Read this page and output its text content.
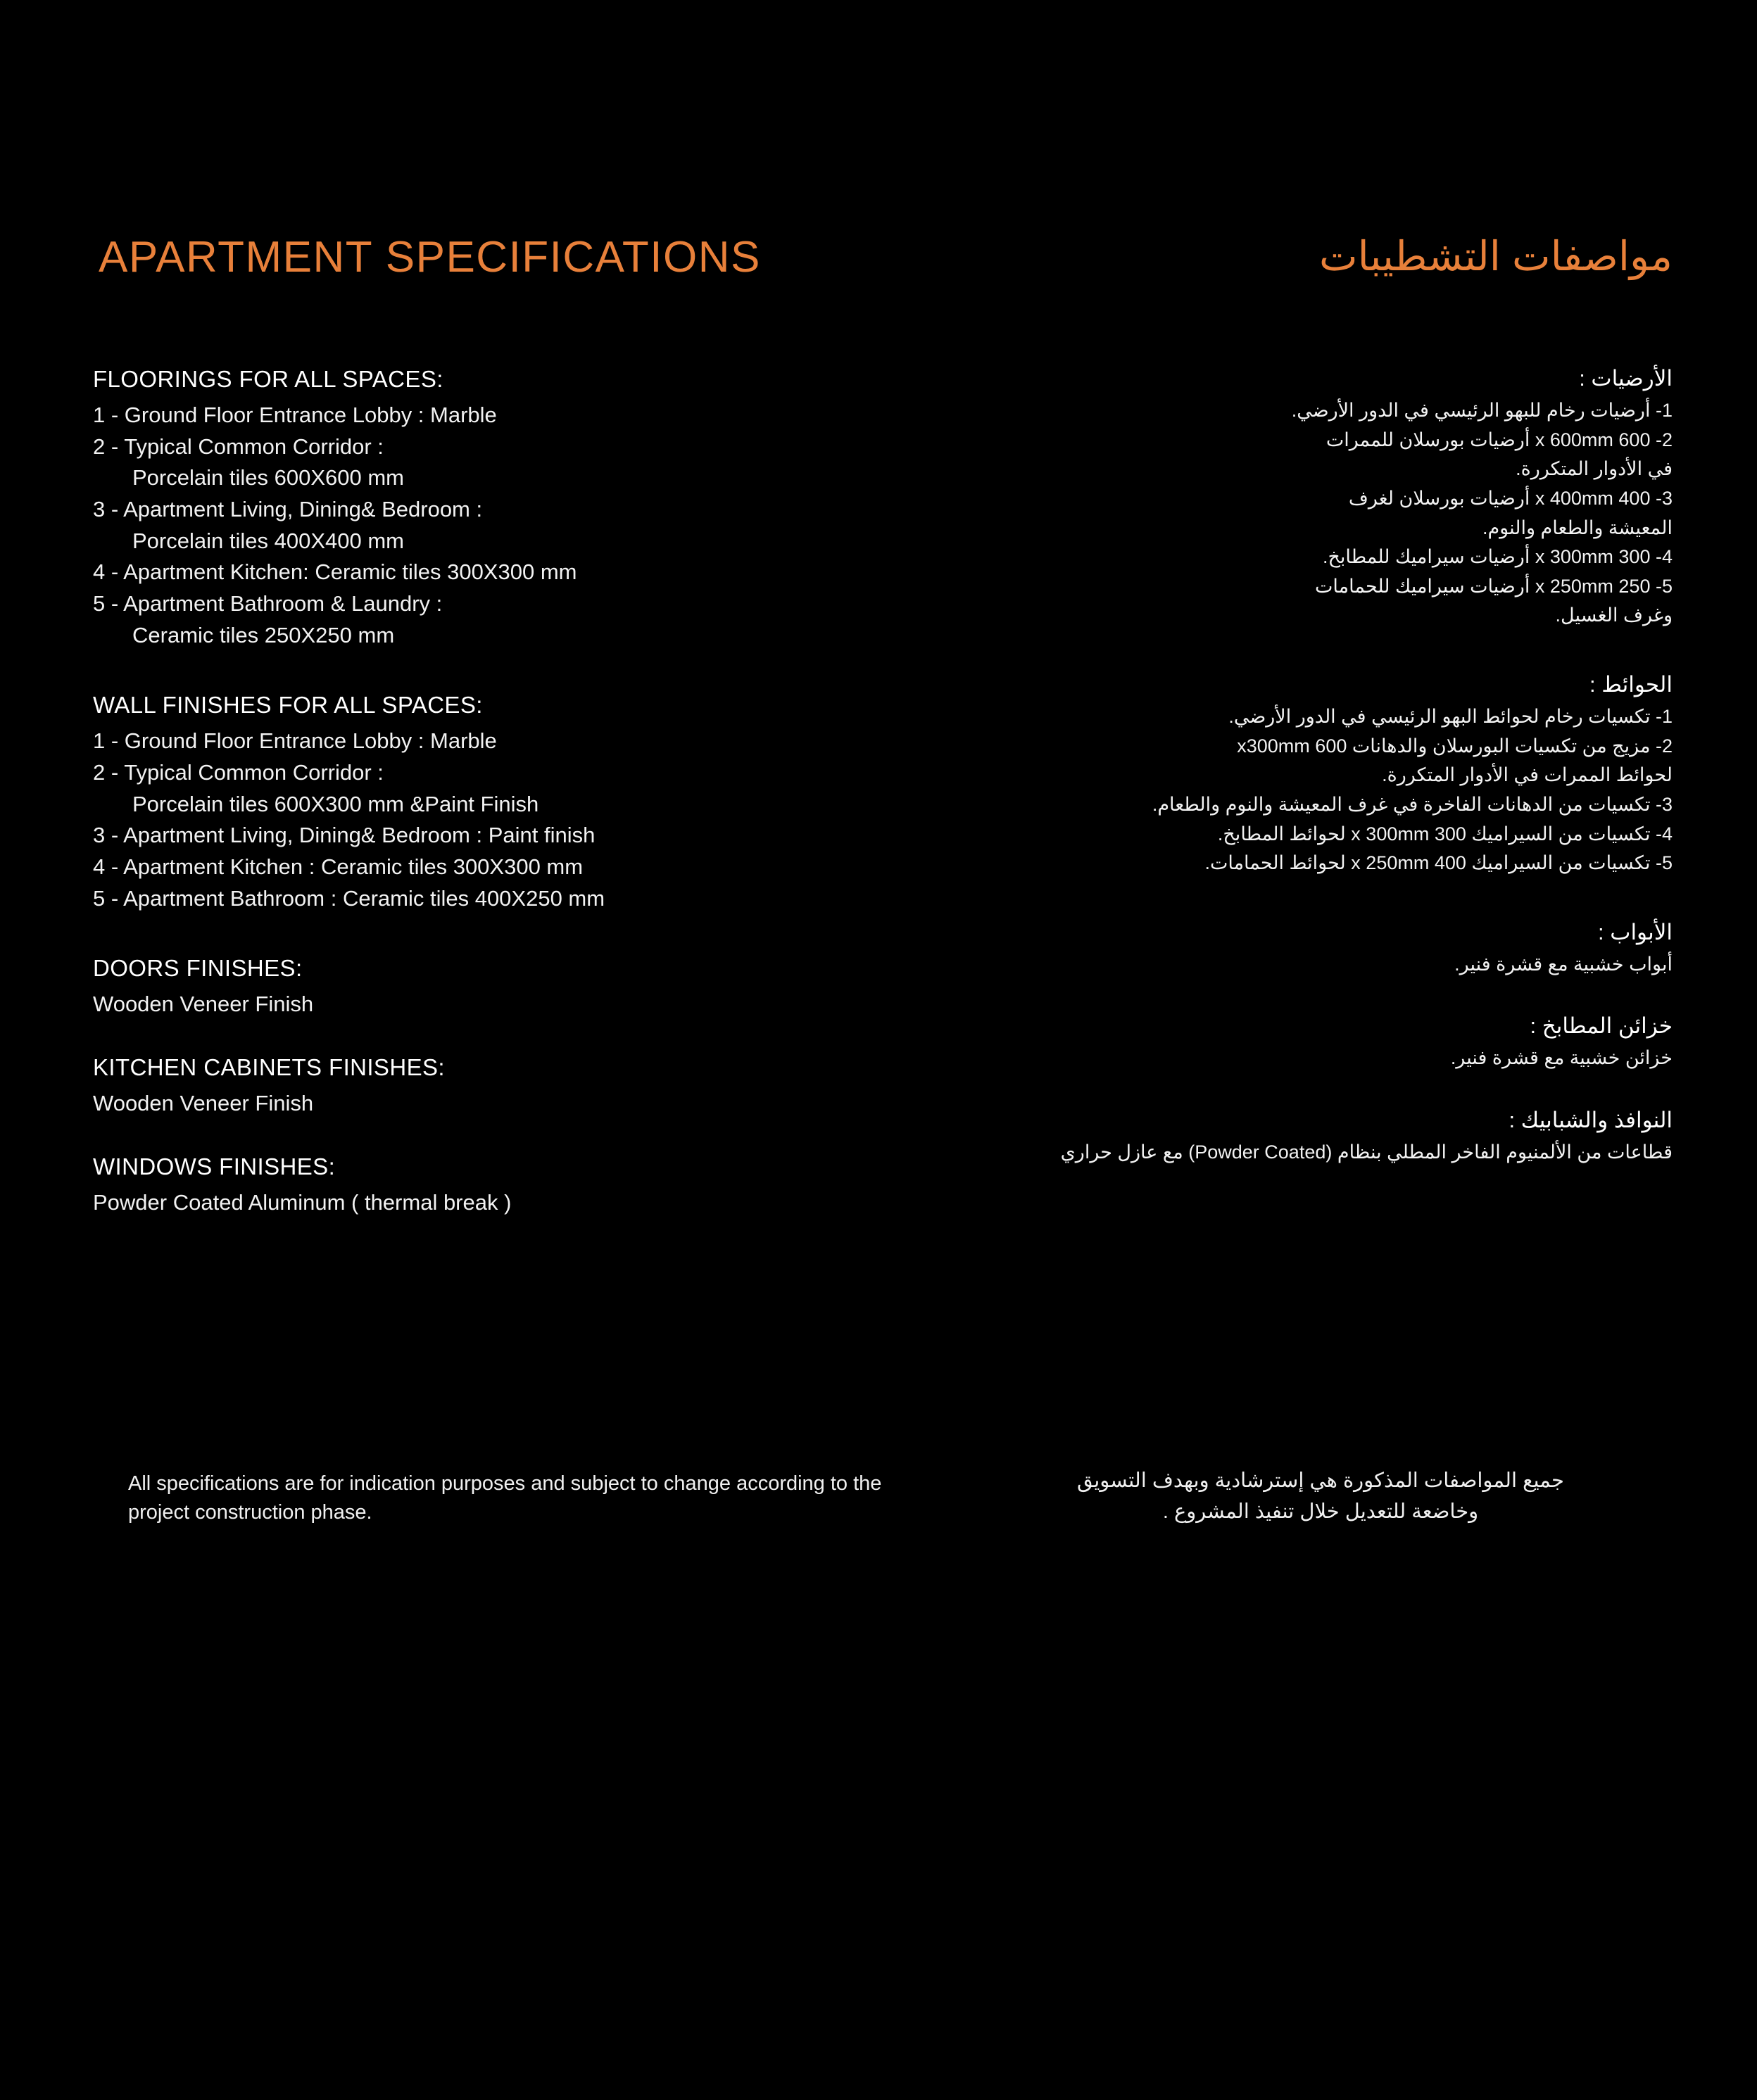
APARTMENT SPECIFICATIONS	مواصفات التشطيبات
FLOORINGS FOR ALL SPACES:
1 - Ground Floor Entrance Lobby : Marble
2 - Typical Common Corridor :
Porcelain tiles 600X600 mm
3 - Apartment Living, Dining& Bedroom :
Porcelain tiles 400X400 mm
4 - Apartment Kitchen: Ceramic tiles 300X300 mm
5 - Apartment Bathroom & Laundry :
Ceramic tiles 250X250 mm
WALL FINISHES FOR ALL SPACES:
1 - Ground Floor Entrance Lobby : Marble
2 - Typical Common Corridor :
Porcelain tiles 600X300 mm &Paint Finish
3 - Apartment Living, Dining& Bedroom : Paint finish
4 - Apartment Kitchen : Ceramic tiles 300X300 mm
5 - Apartment Bathroom : Ceramic tiles 400X250 mm
DOORS FINISHES:
Wooden Veneer Finish
KITCHEN CABINETS FINISHES:
Wooden Veneer Finish
WINDOWS FINISHES:
Powder Coated Aluminum ( thermal break )
الأرضيات :
1- أرضيات رخام للبهو الرئيسي في الدور الأرضي.
2- 600 x 600mm أرضيات بورسلان للممرات
في الأدوار المتكررة.
3- 400 x 400mm أرضيات بورسلان لغرف
المعيشة والطعام والنوم.
4- 300 x 300mm أرضيات سيراميك للمطابخ.
5- 250 x 250mm أرضيات سيراميك للحمامات
وغرف الغسيل.
الحوائط :
1- تكسيات رخام لحوائط البهو الرئيسي في الدور الأرضي.
2- مزيج من تكسيات البورسلان والدهانات 600 x300mm
لحوائط الممرات في الأدوار المتكررة.
3- تكسيات من الدهانات الفاخرة في غرف المعيشة والنوم والطعام.
4- تكسيات من السيراميك 300 x 300mm لحوائط المطابخ.
5- تكسيات من السيراميك 400 x 250mm لحوائط الحمامات.
الأبواب :
أبواب خشبية مع قشرة فنير.
خزائن المطابخ :
خزائن خشبية مع قشرة فنير.
النوافذ والشبابيك :
قطاعات من الألمنيوم الفاخر المطلي بنظام (Powder Coated) مع عازل حراري
All specifications are for indication purposes and subject to change according to the project construction phase.
جميع المواصفات المذكورة هي إسترشادية وبهدف التسويق
وخاضعة للتعديل خلال تنفيذ المشروع .
